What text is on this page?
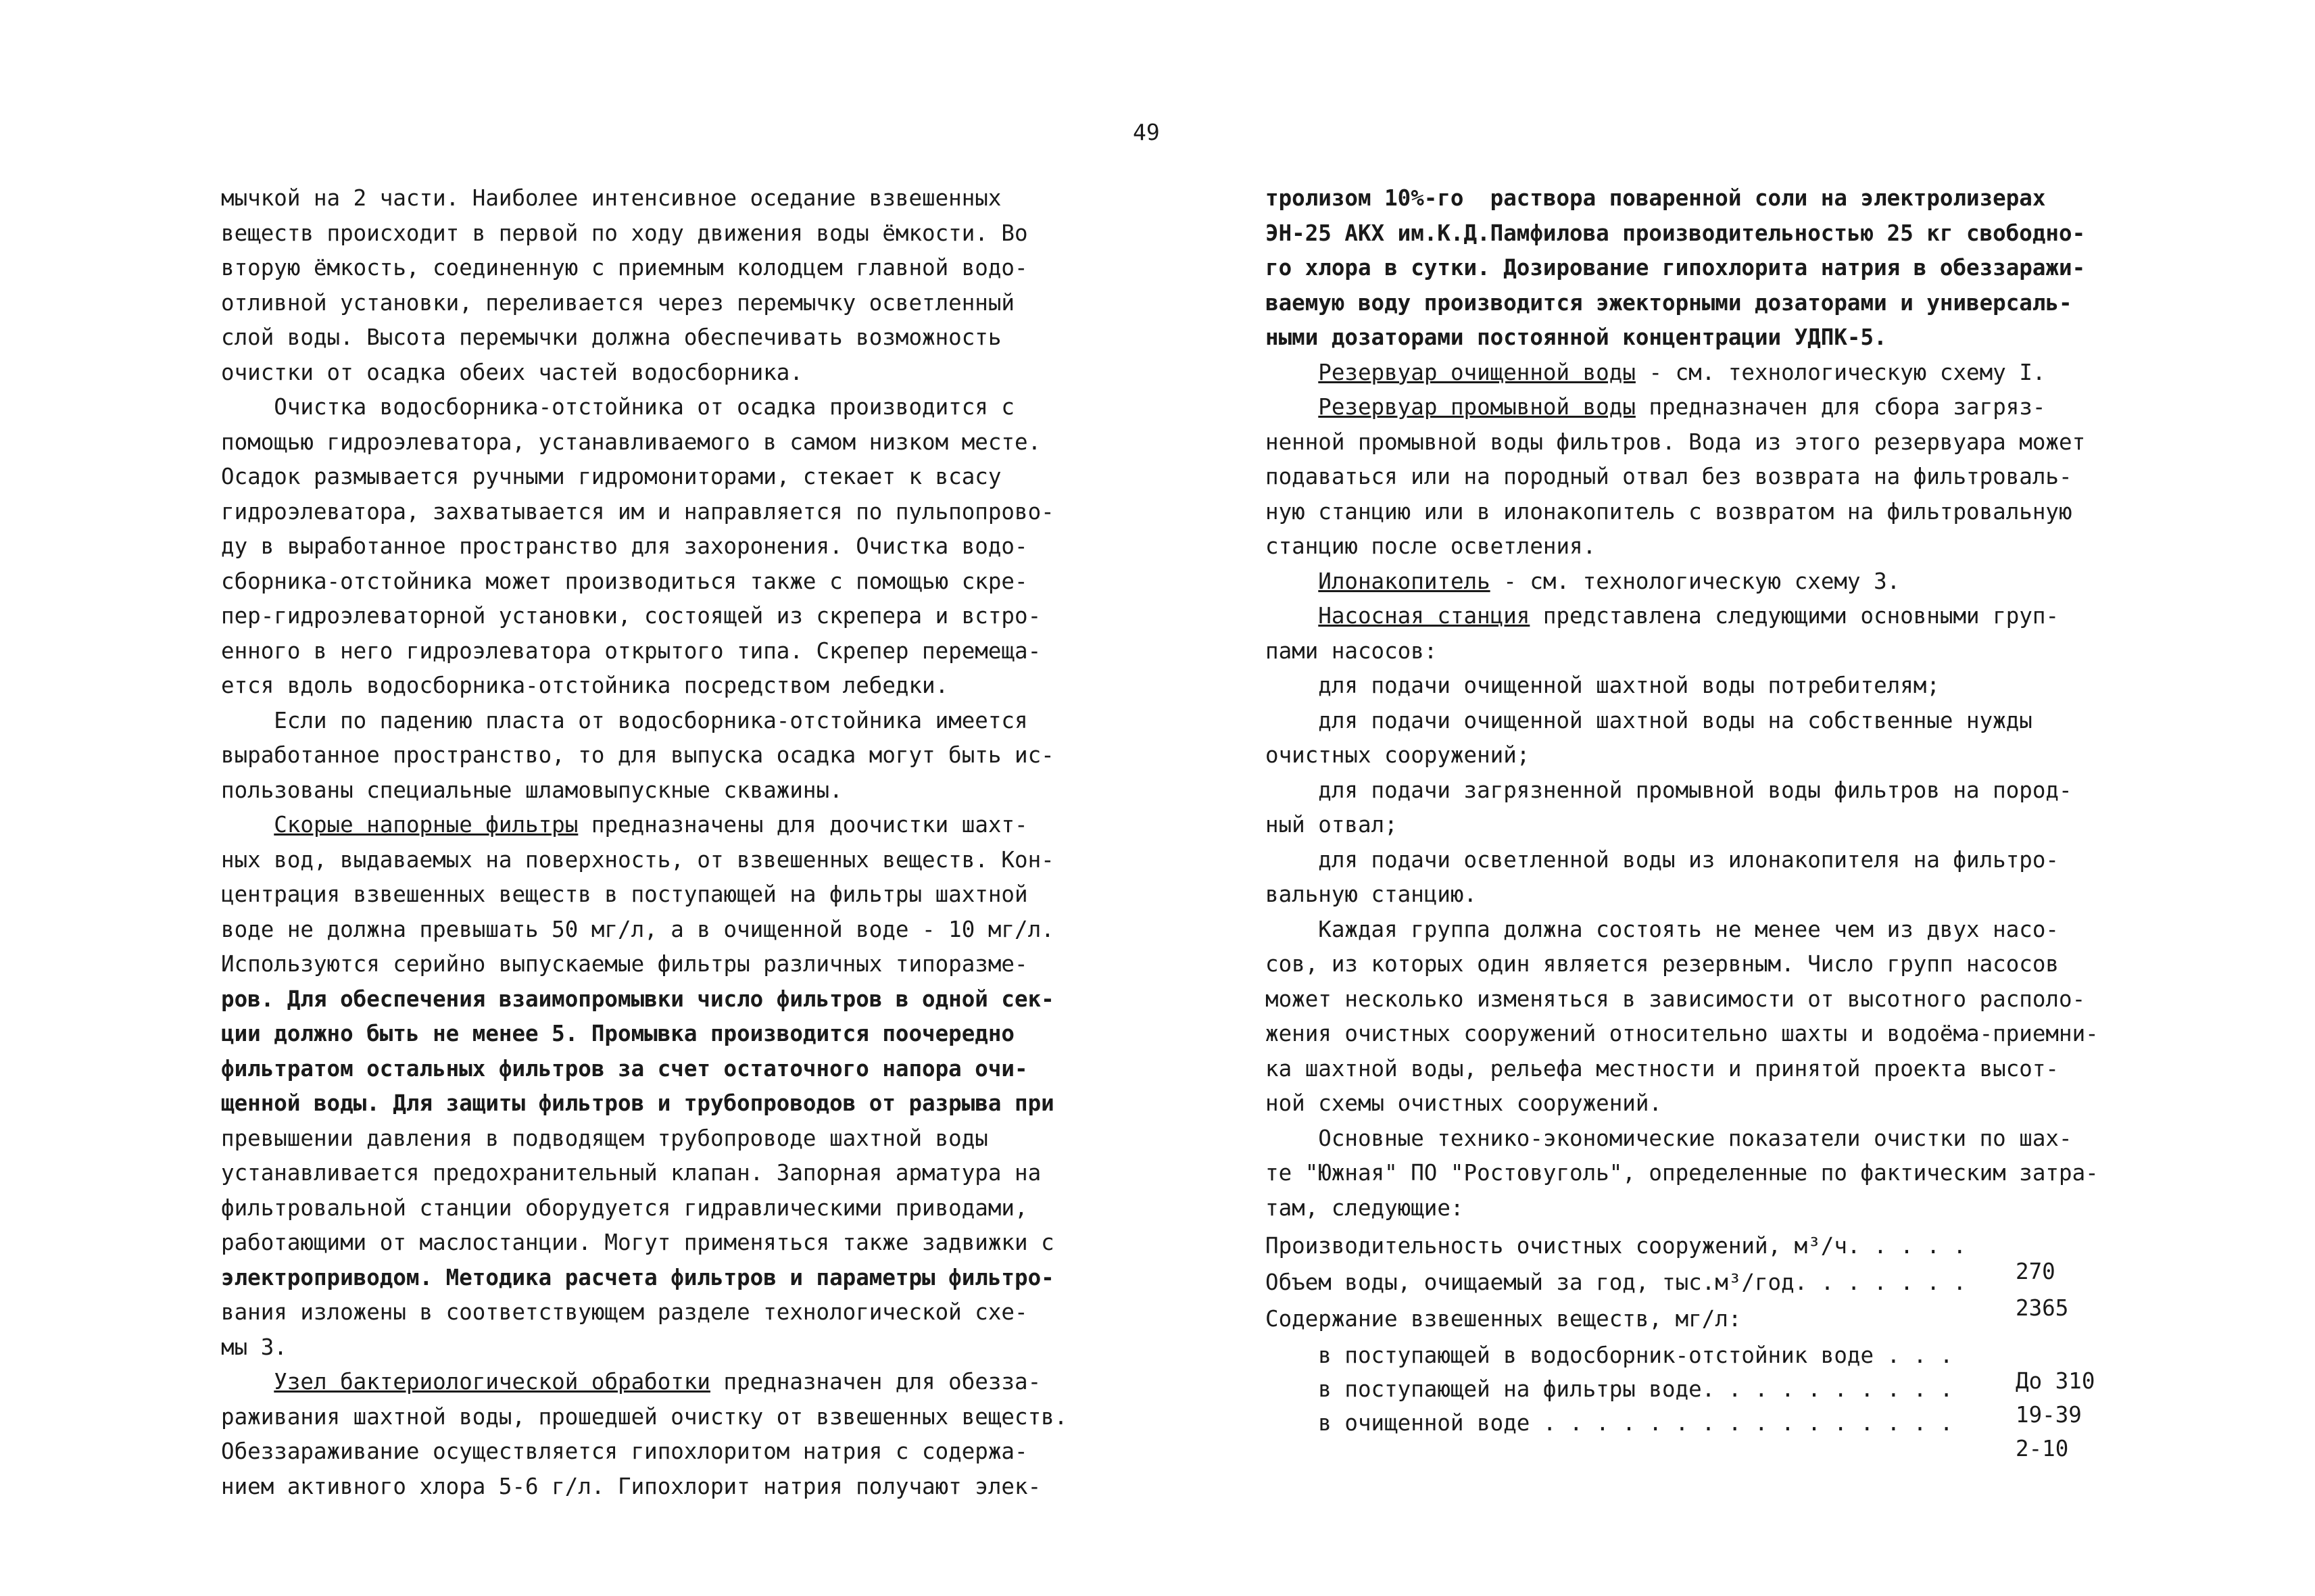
49
мычкой на 2 части. Наиболее интенсивное оседание взвешенных
веществ происходит в первой по ходу движения воды ёмкости. Во
вторую ёмкость, соединенную с приемным колодцем главной водо-
отливной установки, переливается через перемычку осветленный
слой воды. Высота перемычки должна обеспечивать возможность
очистки от осадка обеих частей водосборника.
Очистка водосборника-отстойника от осадка производится с
помощью гидроэлеватора, устанавливаемого в самом низком месте.
Осадок размывается ручными гидромониторами, стекает к всасу
гидроэлеватора, захватывается им и направляется по пульпопрово-
ду в выработанное пространство для захоронения. Очистка водо-
сборника-отстойника может производиться также с помощью скре-
пер-гидроэлеваторной установки, состоящей из скрепера и встро-
енного в него гидроэлеватора открытого типа. Скрепер перемеща-
ется вдоль водосборника-отстойника посредством лебедки.
Если по падению пласта от водосборника-отстойника имеется
выработанное пространство, то для выпуска осадка могут быть ис-
пользованы специальные шламовыпускные скважины.
Скорые напорные фильтры предназначены для доочистки шахт-
ных вод, выдаваемых на поверхность, от взвешенных веществ. Кон-
центрация взвешенных веществ в поступающей на фильтры шахтной
воде не должна превышать 50 мг/л, а в очищенной воде - 10 мг/л.
Используются серийно выпускаемые фильтры различных типоразме-
ров. Для обеспечения взаимопромывки число фильтров в одной сек-
ции должно быть не менее 5. Промывка производится поочередно
фильтратом остальных фильтров за счет остаточного напора очи-
щенной воды. Для защиты фильтров и трубопроводов от разрыва при
превышении давления в подводящем трубопроводе шахтной воды
устанавливается предохранительный клапан. Запорная арматура на
фильтровальной станции оборудуется гидравлическими приводами,
работающими от маслостанции. Могут применяться также задвижки с
электроприводом. Методика расчета фильтров и параметры фильтро-
вания изложены в соответствующем разделе технологической схе-
мы 3.
Узел бактериологической обработки предназначен для обезза-
раживания шахтной воды, прошедшей очистку от взвешенных веществ.
Обеззараживание осуществляется гипохлоритом натрия с содержа-
нием активного хлора 5-6 г/л. Гипохлорит натрия получают элек-
тролизом 10%-го  раствора поваренной соли на электролизерах
ЭН-25 АКХ им.К.Д.Памфилова производительностью 25 кг свободно-
го хлора в сутки. Дозирование гипохлорита натрия в обеззаражи-
ваемую воду производится эжекторными дозаторами и универсаль-
ными дозаторами постоянной концентрации УДПК-5.
Резервуар очищенной воды - см. технологическую схему I.
Резервуар промывной воды предназначен для сбора загряз-
ненной промывной воды фильтров. Вода из этого резервуара может
подаваться или на породный отвал без возврата на фильтроваль-
ную станцию или в илонакопитель с возвратом на фильтровальную
станцию после осветления.
Илонакопитель - см. технологическую схему 3.
Насосная станция представлена следующими основными груп-
пами насосов:
для подачи очищенной шахтной воды потребителям;
для подачи очищенной шахтной воды на собственные нужды
очистных сооружений;
для подачи загрязненной промывной воды фильтров на пород-
ный отвал;
для подачи осветленной воды из илонакопителя на фильтро-
вальную станцию.
Каждая группа должна состоять не менее чем из двух насо-
сов, из которых один является резервным. Число групп насосов
может несколько изменяться в зависимости от высотного располо-
жения очистных сооружений относительно шахты и водоёма-приемни-
ка шахтной воды, рельефа местности и принятой проекта высот-
ной схемы очистных сооружений.
Основные технико-экономические показатели очистки по шах-
те "Южная" ПО "Ростовуголь", определенные по фактическим затра-
там, следующие:

Производительность очистных сооружений, м³/ч. . . . .

270

Объем воды, очищаемый за год, тыс.м³/год. . . . . . .

2365

Содержание взвешенных веществ, мг/л:

в поступающей в водосборник-отстойник воде . . .

До 310

в поступающей на фильтры воде. . . . . . . . . .

19-39

в очищенной воде . . . . . . . . . . . . . . . .

2-10
